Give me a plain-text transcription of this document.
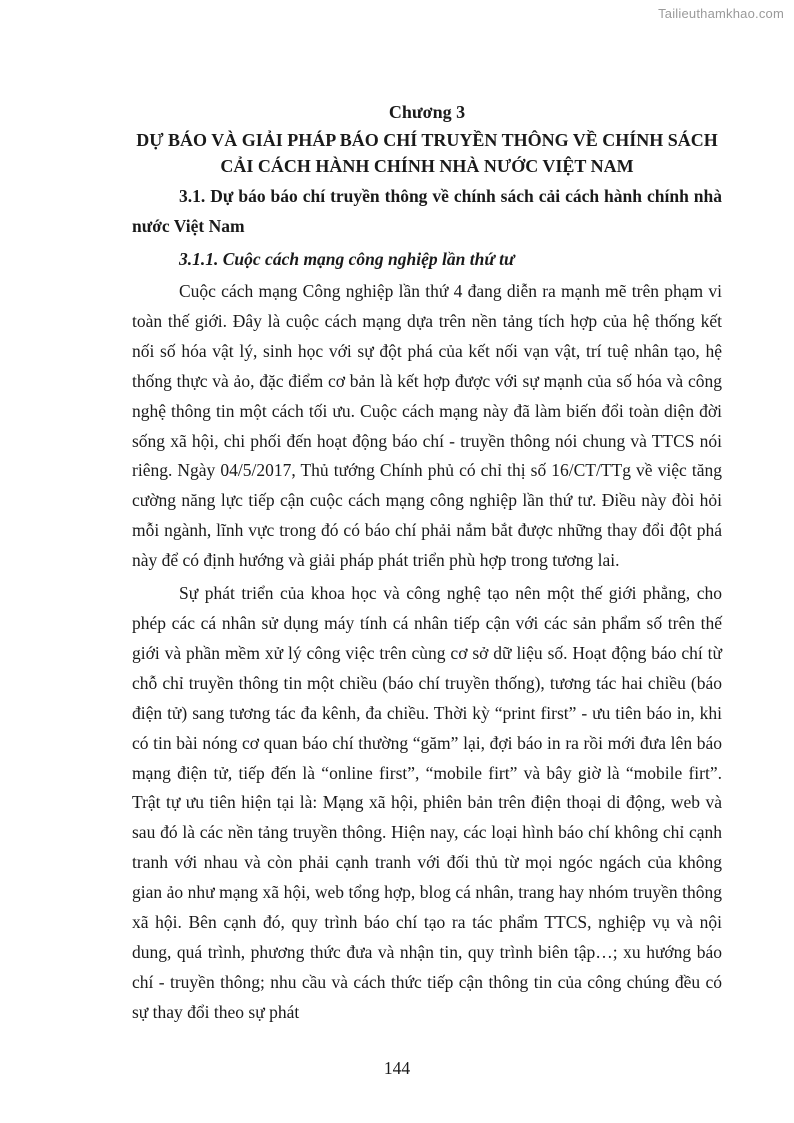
Tailieuthamkhao.com

Chương 3

DỰ BÁO VÀ GIẢI PHÁP BÁO CHÍ TRUYỀN THÔNG VỀ CHÍNH SÁCH CẢI CÁCH HÀNH CHÍNH NHÀ NƯỚC VIỆT NAM

3.1. Dự báo báo chí truyền thông về chính sách cải cách hành chính nhà nước Việt Nam

3.1.1. Cuộc cách mạng công nghiệp lần thứ tư

Cuộc cách mạng Công nghiệp lần thứ 4 đang diễn ra mạnh mẽ trên phạm vi toàn thế giới. Đây là cuộc cách mạng dựa trên nền tảng tích hợp của hệ thống kết nối số hóa vật lý, sinh học với sự đột phá của kết nối vạn vật, trí tuệ nhân tạo, hệ thống thực và ảo, đặc điểm cơ bản là kết hợp được với sự mạnh của số hóa và công nghệ thông tin một cách tối ưu. Cuộc cách mạng này đã làm biến đổi toàn diện đời sống xã hội, chi phối đến hoạt động báo chí - truyền thông nói chung và TTCS nói riêng. Ngày 04/5/2017, Thủ tướng Chính phủ có chỉ thị số 16/CT/TTg về việc tăng cường năng lực tiếp cận cuộc cách mạng công nghiệp lần thứ tư. Điều này đòi hỏi mỗi ngành, lĩnh vực trong đó có báo chí phải nắm bắt được những thay đổi đột phá này để có định hướng và giải pháp phát triển phù hợp trong tương lai.

Sự phát triển của khoa học và công nghệ tạo nên một thế giới phẳng, cho phép các cá nhân sử dụng máy tính cá nhân tiếp cận với các sản phẩm số trên thế giới và phần mềm xử lý công việc trên cùng cơ sở dữ liệu số. Hoạt động báo chí từ chỗ chỉ truyền thông tin một chiều (báo chí truyền thống), tương tác hai chiều (báo điện tử) sang tương tác đa kênh, đa chiều. Thời kỳ “print first” - ưu tiên báo in, khi có tin bài nóng cơ quan báo chí thường “găm” lại, đợi báo in ra rồi mới đưa lên báo mạng điện tử, tiếp đến là “online first”, “mobile firt” và bây giờ là “mobile firt”. Trật tự ưu tiên hiện tại là: Mạng xã hội, phiên bản trên điện thoại di động, web và sau đó là các nền tảng truyền thông. Hiện nay, các loại hình báo chí không chỉ cạnh tranh với nhau và còn phải cạnh tranh với đối thủ từ mọi ngóc ngách của không gian ảo như mạng xã hội, web tổng hợp, blog cá nhân, trang hay nhóm truyền thông xã hội. Bên cạnh đó, quy trình báo chí tạo ra tác phẩm TTCS, nghiệp vụ và nội dung, quá trình, phương thức đưa và nhận tin, quy trình biên tập…; xu hướng báo chí - truyền thông; nhu cầu và cách thức tiếp cận thông tin của công chúng đều có sự thay đổi theo sự phát

144
